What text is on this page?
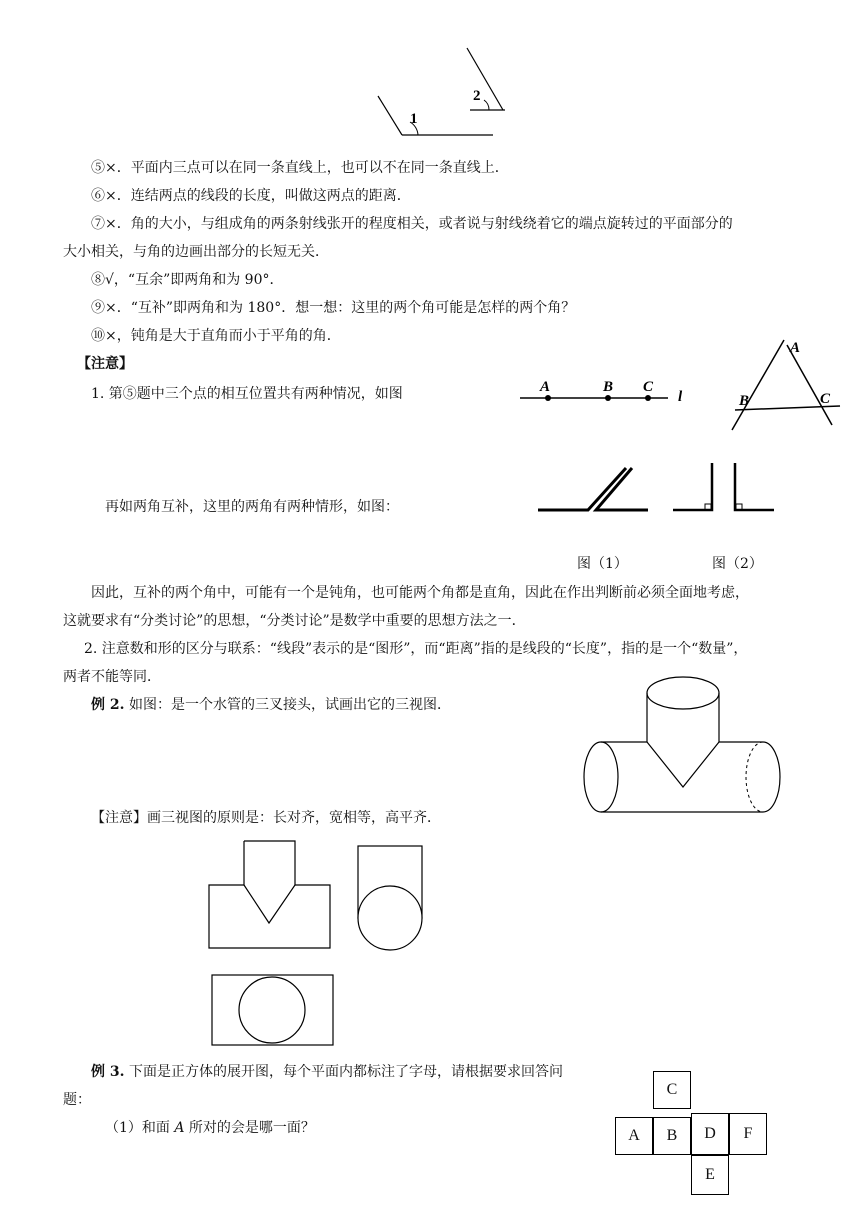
2
1
⑤×．平面内三点可以在同一条直线上，也可以不在同一条直线上．
⑥×．连结两点的线段的长度，叫做这两点的距离．
⑦×．角的大小，与组成角的两条射线张开的程度相关，或者说与射线绕着它的端点旋转过的平面部分的
大小相关，与角的边画出部分的长短无关．
⑧√，“互余”即两角和为 90°．
⑨×．“互补”即两角和为 180°．想一想：这里的两个角可能是怎样的两个角？
⑩×，钝角是大于直角而小于平角的角．
【注意】
1. 第⑤题中三个点的相互位置共有两种情况，如图	A	B C
l
A
B	C
再如两角互补，这里的两角有两种情形，如图：
图（1）	图（2）
因此，互补的两个角中，可能有一个是钝角，也可能两个角都是直角，因此在作出判断前必须全面地考虑，
这就要求有“分类讨论”的思想，“分类讨论”是数学中重要的思想方法之一．
2. 注意数和形的区分与联系：“线段”表示的是“图形”，而“距离”指的是线段的“长度”，指的是一个“数量”，
两者不能等同．
例 2. 如图：是一个水管的三叉接头，试画出它的三视图．
【注意】画三视图的原则是：长对齐，宽相等，高平齐．
例 3. 下面是正方体的展开图，每个平面内都标注了字母，请根据要求回答问
题：
（1）和面 A 所对的会是哪一面？
C
A	B	D	F
E
